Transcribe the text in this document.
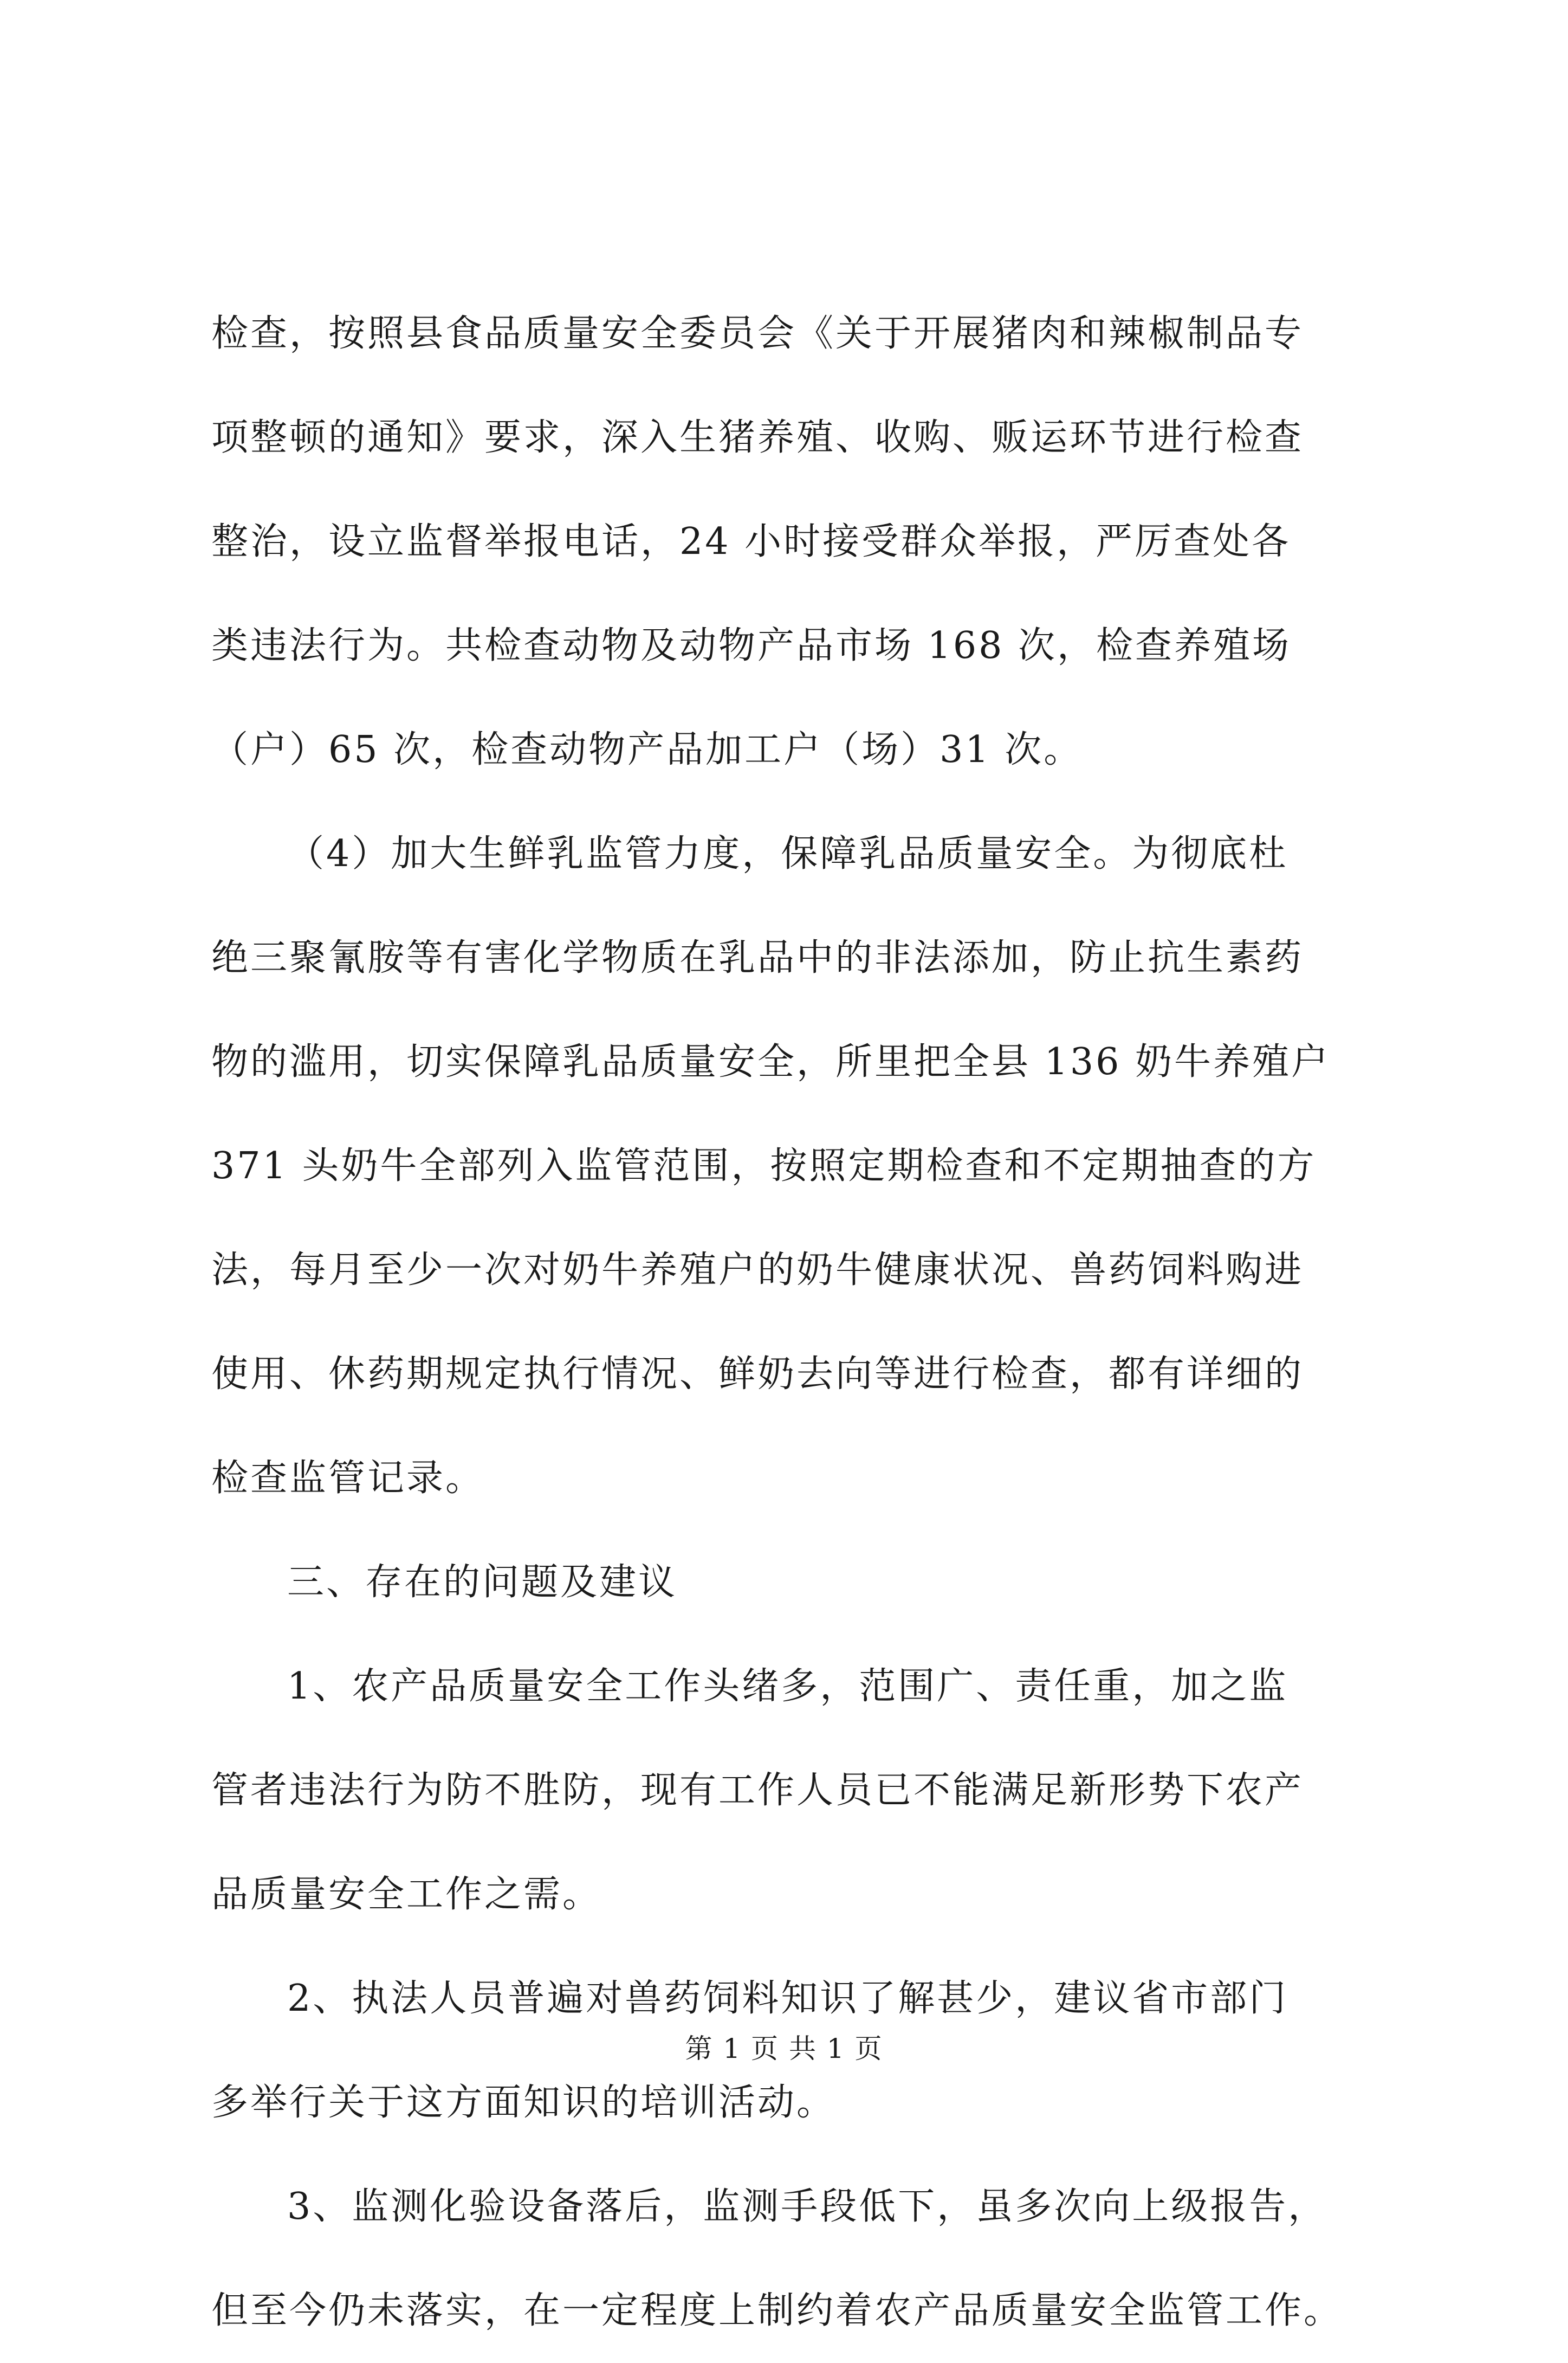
检查，按照县食品质量安全委员会《关于开展猪肉和辣椒制品专
项整顿的通知》要求，深入生猪养殖、收购、贩运环节进行检查
整治，设立监督举报电话，24 小时接受群众举报，严厉查处各
类违法行为。共检查动物及动物产品市场 168 次，检查养殖场
（户）65 次，检查动物产品加工户（场）31 次。
（4）加大生鲜乳监管力度，保障乳品质量安全。为彻底杜
绝三聚氰胺等有害化学物质在乳品中的非法添加，防止抗生素药
物的滥用，切实保障乳品质量安全，所里把全县 136 奶牛养殖户
371 头奶牛全部列入监管范围，按照定期检查和不定期抽查的方
法，每月至少一次对奶牛养殖户的奶牛健康状况、兽药饲料购进
使用、休药期规定执行情况、鲜奶去向等进行检查，都有详细的
检查监管记录。
三、存在的问题及建议
1、农产品质量安全工作头绪多，范围广、责任重，加之监
管者违法行为防不胜防，现有工作人员已不能满足新形势下农产
品质量安全工作之需。
2、执法人员普遍对兽药饲料知识了解甚少，建议省市部门
多举行关于这方面知识的培训活动。
3、监测化验设备落后，监测手段低下，虽多次向上级报告，
但至今仍未落实，在一定程度上制约着农产品质量安全监管工作。
第 1 页 共 1 页
